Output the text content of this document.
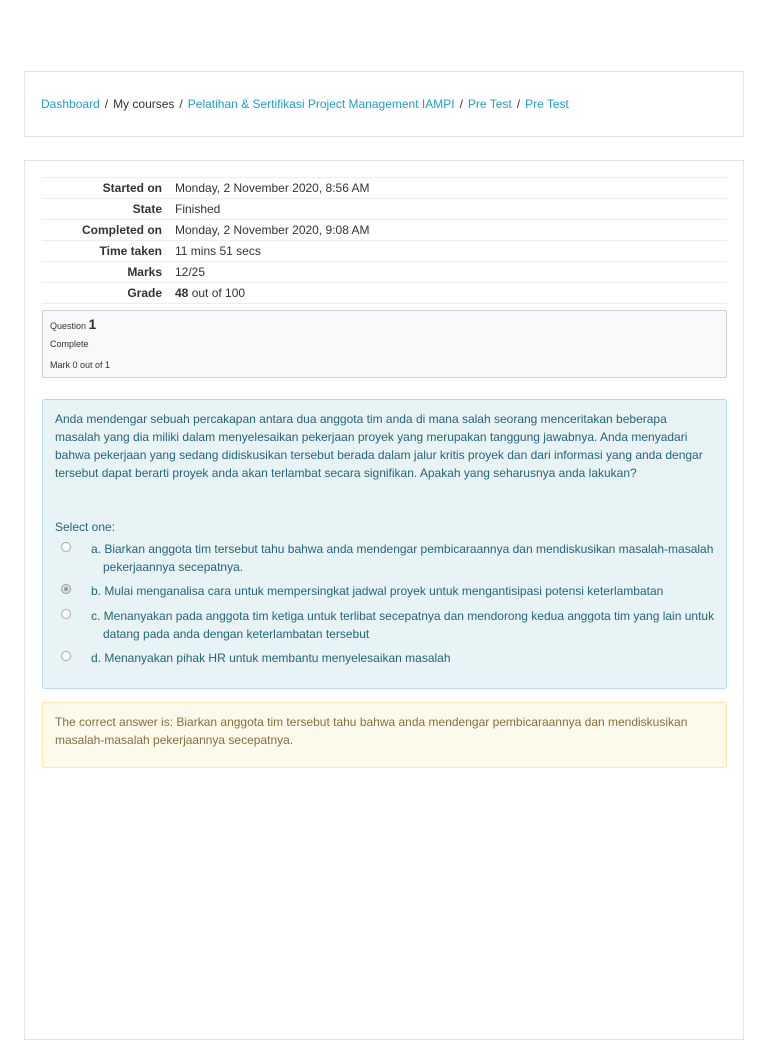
Dashboard / My courses / Pelatihan & Sertifikasi Project Management IAMPI / Pre Test / Pre Test
Started on	Monday, 2 November 2020, 8:56 AM
State	Finished
Completed on	Monday, 2 November 2020, 9:08 AM
Time taken	11 mins 51 secs
Marks	12/25
Grade	48 out of 100
Question 1
Complete
Mark 0 out of 1
Anda mendengar sebuah percakapan antara dua anggota tim anda di mana salah seorang menceritakan beberapa masalah yang dia miliki dalam menyelesaikan pekerjaan proyek yang merupakan tanggung jawabnya. Anda menyadari bahwa pekerjaan yang sedang didiskusikan tersebut berada dalam jalur kritis proyek dan dari informasi yang anda dengar tersebut dapat berarti proyek anda akan terlambat secara signifikan. Apakah yang seharusnya anda lakukan?
Select one:
a. Biarkan anggota tim tersebut tahu bahwa anda mendengar pembicaraannya dan mendiskusikan masalah-masalah pekerjaannya secepatnya.
b. Mulai menganalisa cara untuk mempersingkat jadwal proyek untuk mengantisipasi potensi keterlambatan
c. Menanyakan pada anggota tim ketiga untuk terlibat secepatnya dan mendorong kedua anggota tim yang lain untuk datang pada anda dengan keterlambatan tersebut
d. Menanyakan pihak HR untuk membantu menyelesaikan masalah
The correct answer is: Biarkan anggota tim tersebut tahu bahwa anda mendengar pembicaraannya dan mendiskusikan masalah-masalah pekerjaannya secepatnya.
